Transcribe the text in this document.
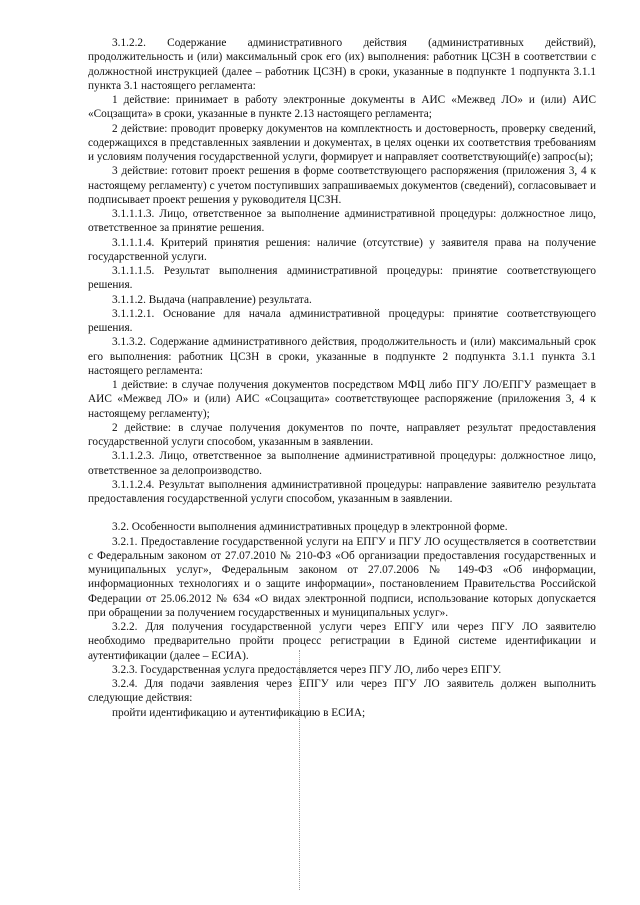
3.1.2.2. Содержание административного действия (административных действий), продолжительность и (или) максимальный срок его (их) выполнения: работник ЦСЗН в соответствии с должностной инструкцией (далее – работник ЦСЗН) в сроки, указанные в подпункте 1 подпункта 3.1.1 пункта 3.1 настоящего регламента:

1 действие: принимает в работу электронные документы в АИС «Межвед ЛО» и (или) АИС «Соцзащита» в сроки, указанные в пункте 2.13 настоящего регламента;

2 действие: проводит проверку документов на комплектность и достоверность, проверку сведений, содержащихся в представленных заявлении и документах, в целях оценки их соответствия требованиям и условиям получения государственной услуги, формирует и направляет соответствующий(е) запрос(ы);

3 действие: готовит проект решения в форме соответствующего распоряжения (приложения 3, 4 к настоящему регламенту) с учетом поступивших запрашиваемых документов (сведений), согласовывает и подписывает проект решения у руководителя ЦСЗН.

3.1.1.1.3. Лицо, ответственное за выполнение административной процедуры: должностное лицо, ответственное за принятие решения.

3.1.1.1.4. Критерий принятия решения: наличие (отсутствие) у заявителя права на получение государственной услуги.

3.1.1.1.5. Результат выполнения административной процедуры: принятие соответствующего решения.

3.1.1.2. Выдача (направление) результата.

3.1.1.2.1. Основание для начала административной процедуры: принятие соответствующего решения.

3.1.3.2. Содержание административного действия, продолжительность и (или) максимальный срок его выполнения: работник ЦСЗН в сроки, указанные в подпункте 2 подпункта 3.1.1 пункта 3.1 настоящего регламента:

1 действие: в случае получения документов посредством МФЦ либо ПГУ ЛО/ЕПГУ размещает в АИС «Межвед ЛО» и (или) АИС «Соцзащита» соответствующее распоряжение (приложения 3, 4 к настоящему регламенту);

2 действие: в случае получения документов по почте, направляет результат предоставления государственной услуги способом, указанным в заявлении.

3.1.1.2.3. Лицо, ответственное за выполнение административной процедуры: должностное лицо, ответственное за делопроизводство.

3.1.1.2.4. Результат выполнения административной процедуры: направление заявителю результата предоставления государственной услуги способом, указанным в заявлении.

3.2. Особенности выполнения административных процедур в электронной форме.

3.2.1. Предоставление государственной услуги на ЕПГУ и ПГУ ЛО осуществляется в соответствии с Федеральным законом от 27.07.2010 № 210-ФЗ «Об организации предоставления государственных и муниципальных услуг», Федеральным законом от 27.07.2006 № 149-ФЗ «Об информации, информационных технологиях и о защите информации», постановлением Правительства Российской Федерации от 25.06.2012 № 634 «О видах электронной подписи, использование которых допускается при обращении за получением государственных и муниципальных услуг».

3.2.2. Для получения государственной услуги через ЕПГУ или через ПГУ ЛО заявителю необходимо предварительно пройти процесс регистрации в Единой системе идентификации и аутентификации (далее – ЕСИА).

3.2.3. Государственная услуга предоставляется через ПГУ ЛО, либо через ЕПГУ.

3.2.4. Для подачи заявления через ЕПГУ или через ПГУ ЛО заявитель должен выполнить следующие действия:

пройти идентификацию и аутентификацию в ЕСИА;
